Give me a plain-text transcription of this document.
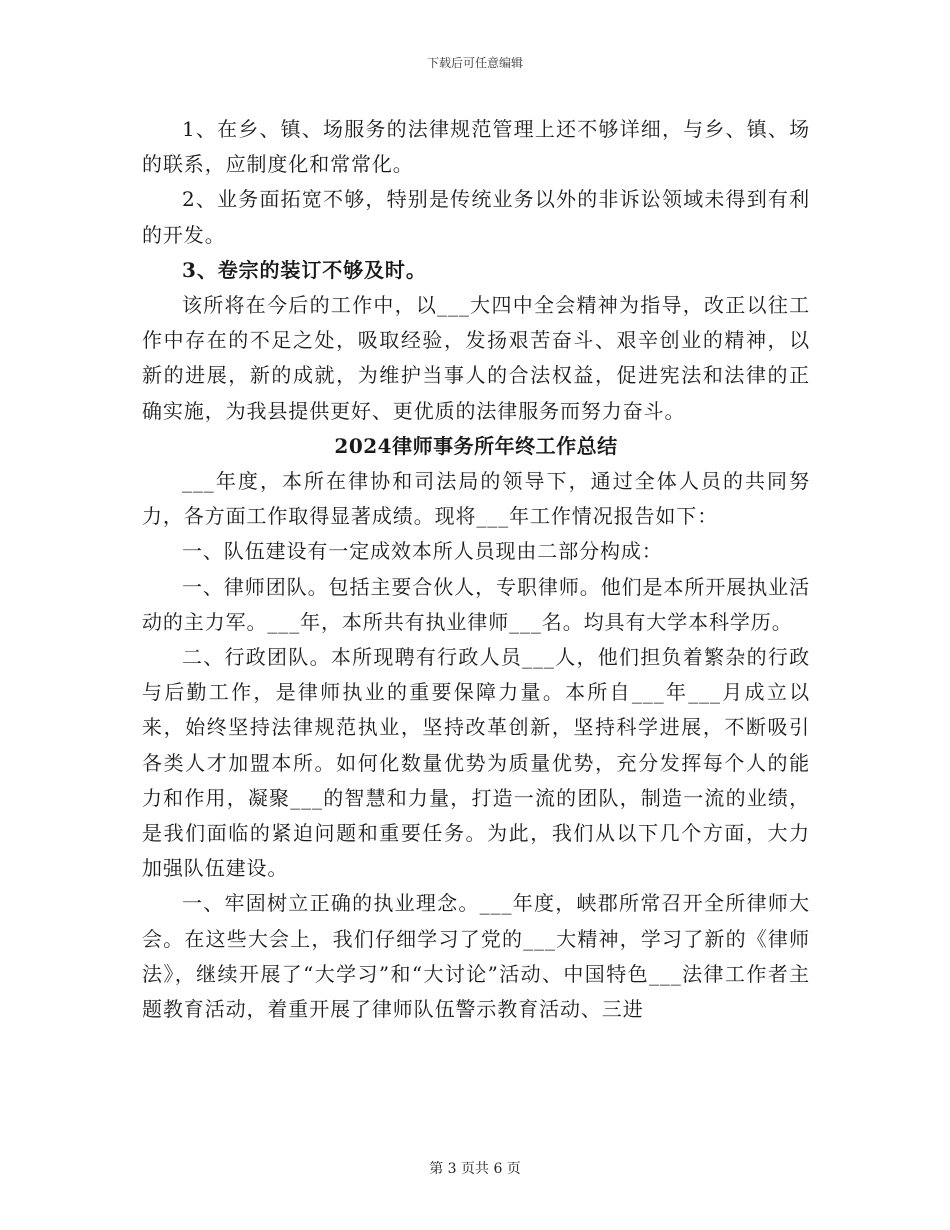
下载后可任意编辑

1、在乡、镇、场服务的法律规范管理上还不够详细，与乡、镇、场的联系，应制度化和常常化。

2、业务面拓宽不够，特别是传统业务以外的非诉讼领域未得到有利的开发。

3、卷宗的装订不够及时。

该所将在今后的工作中，以___大四中全会精神为指导，改正以往工作中存在的不足之处，吸取经验，发扬艰苦奋斗、艰辛创业的精神，以新的进展，新的成就，为维护当事人的合法权益，促进宪法和法律的正确实施，为我县提供更好、更优质的法律服务而努力奋斗。

2024律师事务所年终工作总结

___年度，本所在律协和司法局的领导下，通过全体人员的共同努力，各方面工作取得显著成绩。现将___年工作情况报告如下：

一、队伍建设有一定成效本所人员现由二部分构成：

一、律师团队。包括主要合伙人，专职律师。他们是本所开展执业活动的主力军。___年，本所共有执业律师___名。均具有大学本科学历。

二、行政团队。本所现聘有行政人员___人，他们担负着繁杂的行政与后勤工作，是律师执业的重要保障力量。本所自___年___月成立以来，始终坚持法律规范执业，坚持改革创新，坚持科学进展，不断吸引各类人才加盟本所。如何化数量优势为质量优势，充分发挥每个人的能力和作用，凝聚___的智慧和力量，打造一流的团队，制造一流的业绩，是我们面临的紧迫问题和重要任务。为此，我们从以下几个方面，大力加强队伍建设。

一、牢固树立正确的执业理念。___年度，峡郡所常召开全所律师大会。在这些大会上，我们仔细学习了党的___大精神，学习了新的《律师法》，继续开展了“大学习”和“大讨论”活动、中国特色___法律工作者主题教育活动，着重开展了律师队伍警示教育活动、三进

第 3 页共 6 页
